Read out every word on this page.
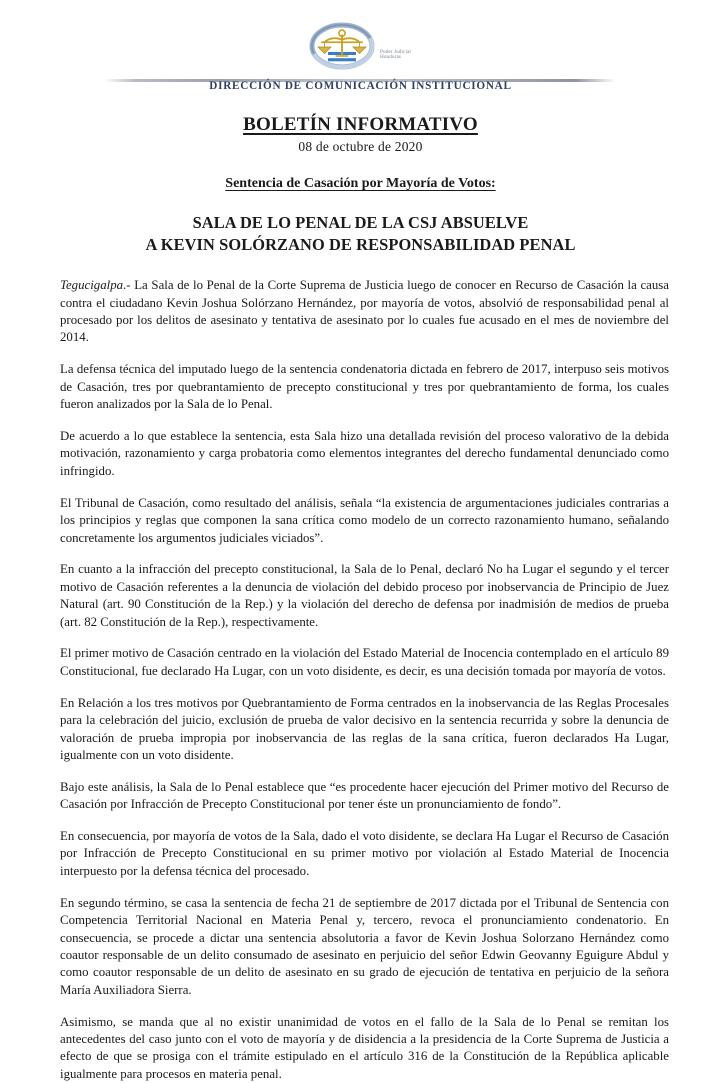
Poder Judicial
Honduras
DIRECCIÓN DE COMUNICACIÓN INSTITUCIONAL
BOLETÍN INFORMATIVO

08 de octubre de 2020

Sentencia de Casación por Mayoría de Votos:

SALA DE LO PENAL DE LA CSJ ABSUELVE
A KEVIN SOLÓRZANO DE RESPONSABILIDAD PENAL

Tegucigalpa.- La Sala de lo Penal de la Corte Suprema de Justicia luego de conocer en Recurso de Casación la causa contra el ciudadano Kevin Joshua Solórzano Hernández, por mayoría de votos, absolvió de responsabilidad penal al procesado por los delitos de asesinato y tentativa de asesinato por lo cuales fue acusado en el mes de noviembre del 2014.

La defensa técnica del imputado luego de la sentencia condenatoria dictada en febrero de 2017, interpuso seis motivos de Casación, tres por quebrantamiento de precepto constitucional y tres por quebrantamiento de forma, los cuales fueron analizados por la Sala de lo Penal.

De acuerdo a lo que establece la sentencia, esta Sala hizo una detallada revisión del proceso valorativo de la debida motivación, razonamiento y carga probatoria como elementos integrantes del derecho fundamental denunciado como infringido.

El Tribunal de Casación, como resultado del análisis, señala “la existencia de argumentaciones judiciales contrarias a los principios y reglas que componen la sana crítica como modelo de un correcto razonamiento humano, señalando concretamente los argumentos judiciales viciados”.

En cuanto a la infracción del precepto constitucional, la Sala de lo Penal, declaró No ha Lugar el segundo y el tercer motivo de Casación referentes a la denuncia de violación del debido proceso por inobservancia de Principio de Juez Natural (art. 90 Constitución de la Rep.) y la violación del derecho de defensa por inadmisión de medios de prueba (art. 82 Constitución de la Rep.), respectivamente.

El primer motivo de Casación centrado en la violación del Estado Material de Inocencia contemplado en el artículo 89 Constitucional, fue declarado Ha Lugar, con un voto disidente, es decir, es una decisión tomada por mayoría de votos.

En Relación a los tres motivos por Quebrantamiento de Forma centrados en la inobservancia de las Reglas Procesales para la celebración del juicio, exclusión de prueba de valor decisivo en la sentencia recurrida y sobre la denuncia de valoración de prueba impropia por inobservancia de las reglas de la sana crítica, fueron declarados Ha Lugar, igualmente con un voto disidente.

Bajo este análisis, la Sala de lo Penal establece que “es procedente hacer ejecución del Primer motivo del Recurso de Casación por Infracción de Precepto Constitucional por tener éste un pronunciamiento de fondo”.

En consecuencia, por mayoría de votos de la Sala, dado el voto disidente, se declara Ha Lugar el Recurso de Casación por Infracción de Precepto Constitucional en su primer motivo por violación al Estado Material de Inocencia interpuesto por la defensa técnica del procesado.

En segundo término, se casa la sentencia de fecha 21 de septiembre de 2017 dictada por el Tribunal de Sentencia con Competencia Territorial Nacional en Materia Penal y, tercero, revoca el pronunciamiento condenatorio. En consecuencia, se procede a dictar una sentencia absolutoria a favor de Kevin Joshua Solorzano Hernández como coautor responsable de un delito consumado de asesinato en perjuicio del señor Edwin Geovanny Eguigure Abdul y como coautor responsable de un delito de asesinato en su grado de ejecución de tentativa en perjuicio de la señora María Auxiliadora Sierra.

Asimismo, se manda que al no existir unanimidad de votos en el fallo de la Sala de lo Penal se remitan los antecedentes del caso junto con el voto de mayoría y de disidencia a la presidencia de la Corte Suprema de Justicia a efecto de que se prosiga con el trámite estipulado en el artículo 316 de la Constitución de la República aplicable igualmente para procesos en materia penal.
